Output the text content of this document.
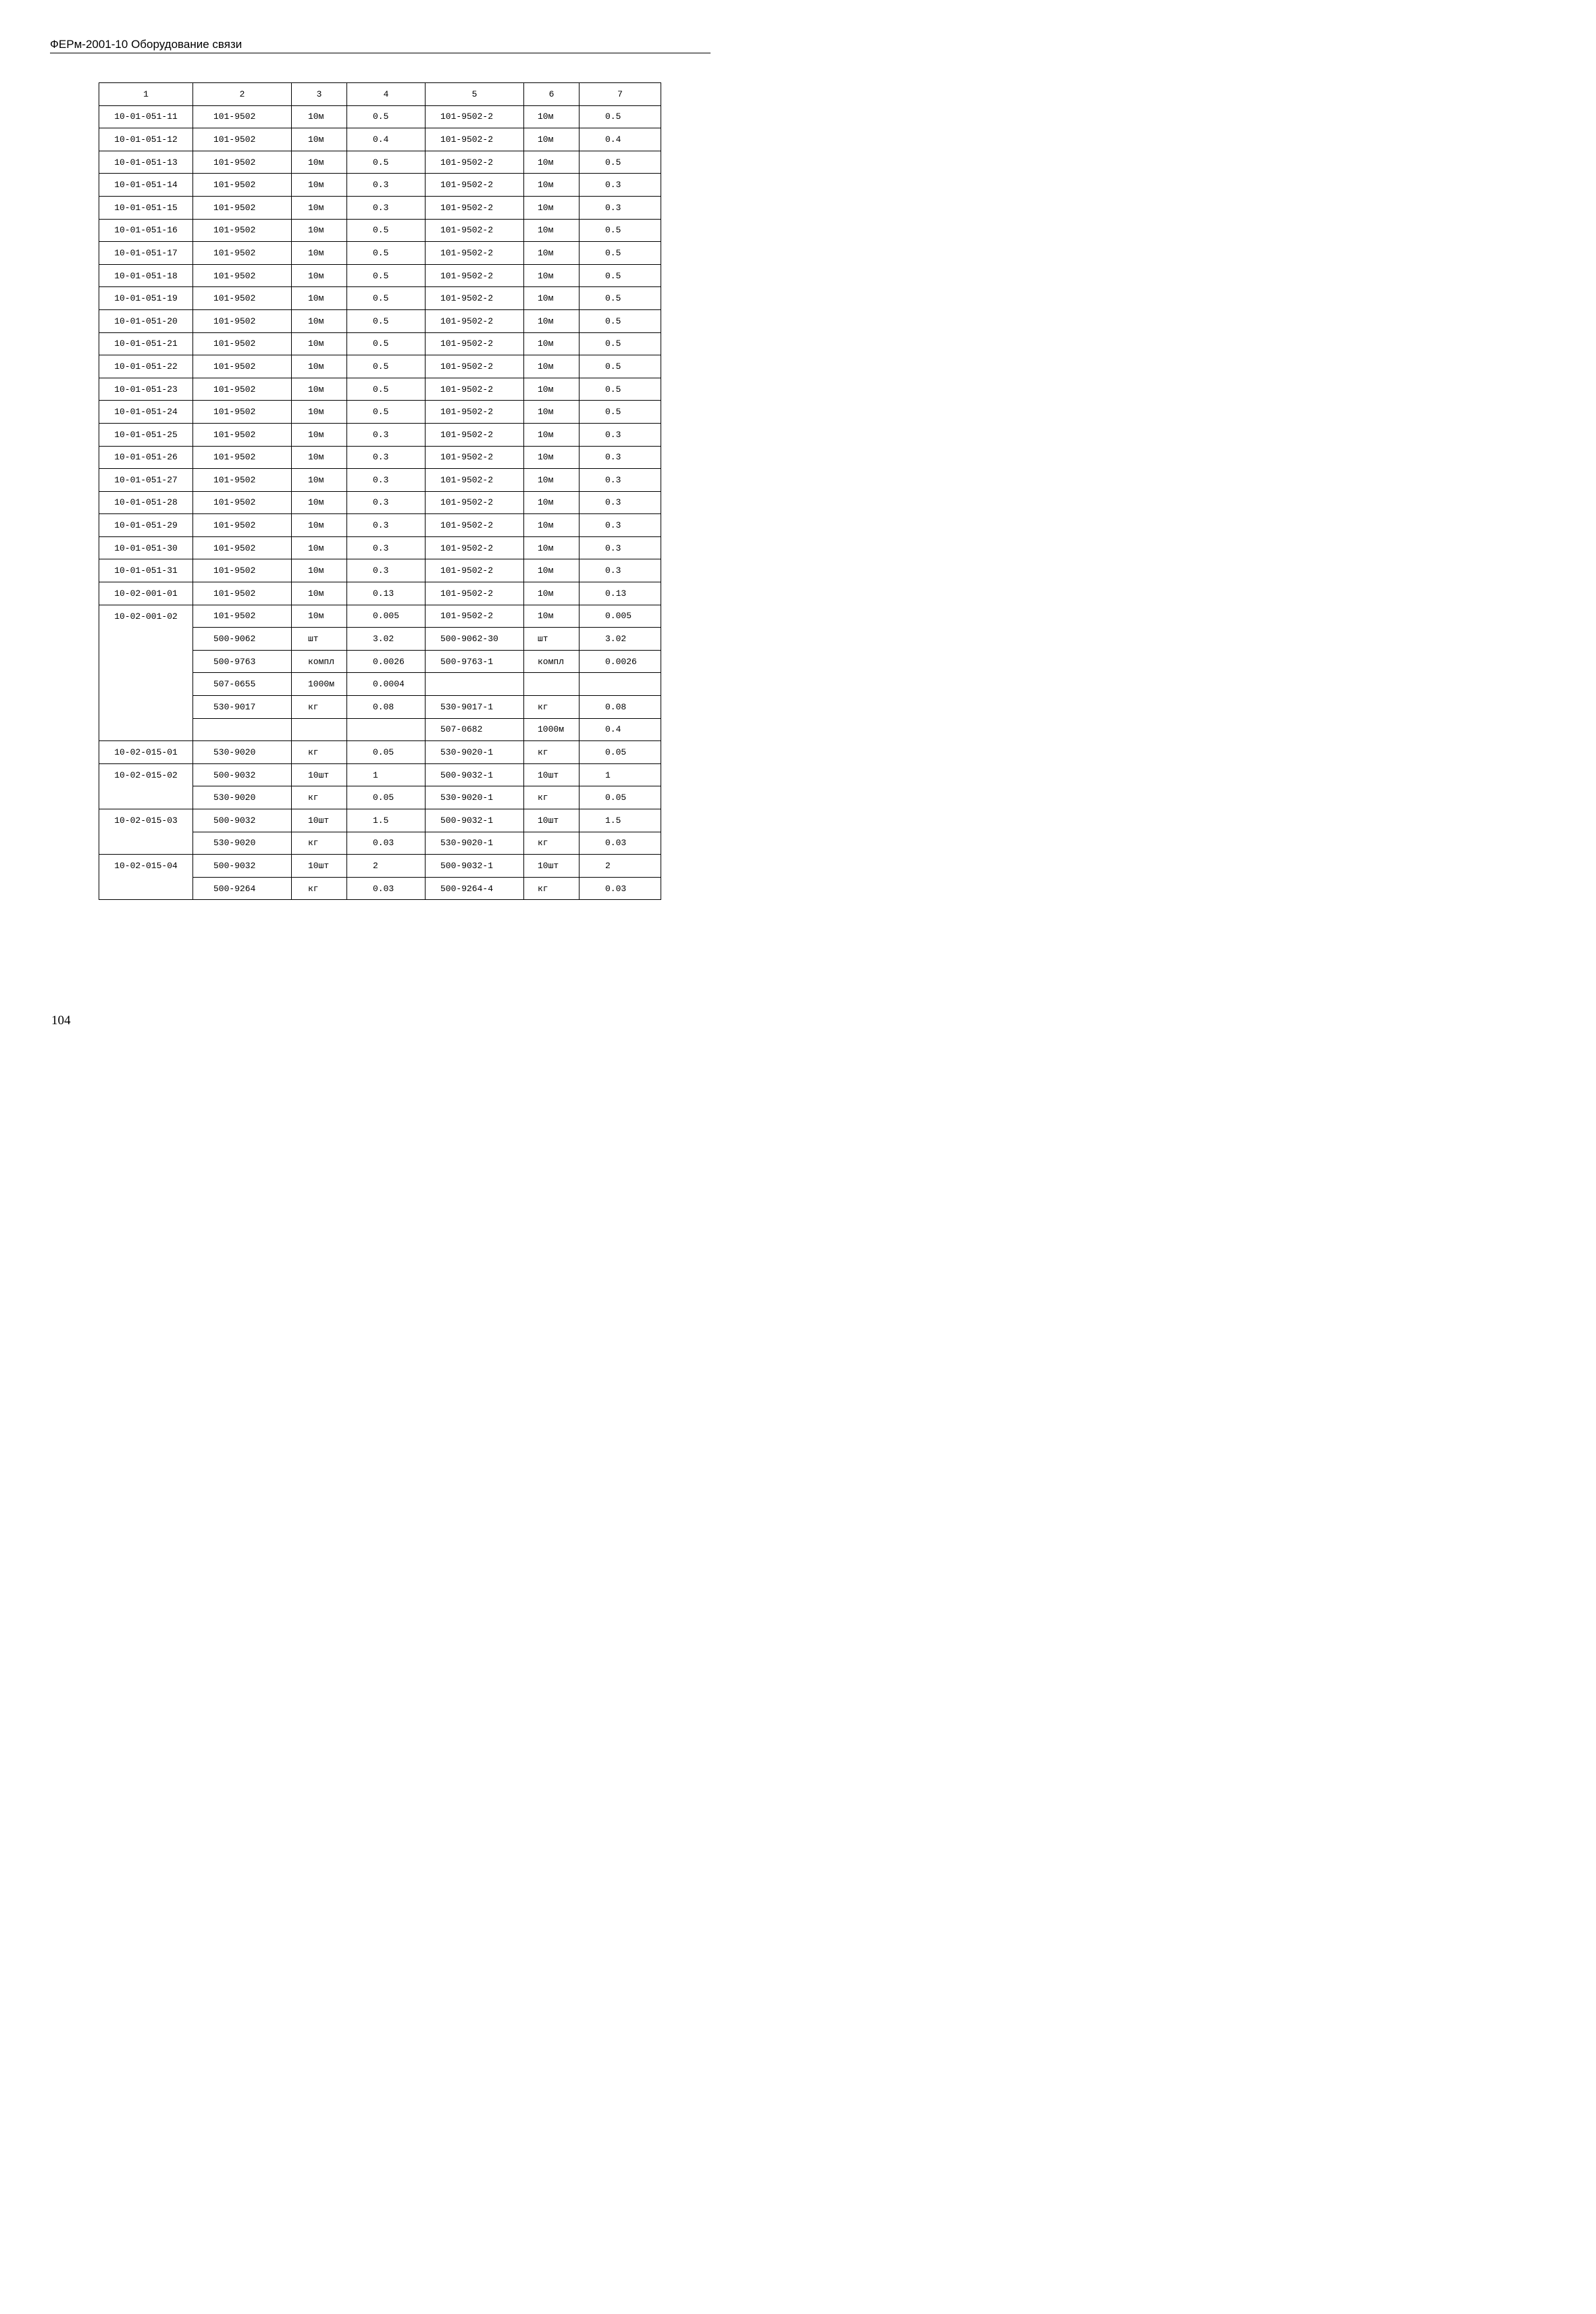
ФЕРм-2001-10 Оборудование связи
1	2	3	4	5	6	7
10-01-051-11	101-9502	10м	0.5	101-9502-2	10м	0.5
10-01-051-12	101-9502	10м	0.4	101-9502-2	10м	0.4
10-01-051-13	101-9502	10м	0.5	101-9502-2	10м	0.5
10-01-051-14	101-9502	10м	0.3	101-9502-2	10м	0.3
10-01-051-15	101-9502	10м	0.3	101-9502-2	10м	0.3
10-01-051-16	101-9502	10м	0.5	101-9502-2	10м	0.5
10-01-051-17	101-9502	10м	0.5	101-9502-2	10м	0.5
10-01-051-18	101-9502	10м	0.5	101-9502-2	10м	0.5
10-01-051-19	101-9502	10м	0.5	101-9502-2	10м	0.5
10-01-051-20	101-9502	10м	0.5	101-9502-2	10м	0.5
10-01-051-21	101-9502	10м	0.5	101-9502-2	10м	0.5
10-01-051-22	101-9502	10м	0.5	101-9502-2	10м	0.5
10-01-051-23	101-9502	10м	0.5	101-9502-2	10м	0.5
10-01-051-24	101-9502	10м	0.5	101-9502-2	10м	0.5
10-01-051-25	101-9502	10м	0.3	101-9502-2	10м	0.3
10-01-051-26	101-9502	10м	0.3	101-9502-2	10м	0.3
10-01-051-27	101-9502	10м	0.3	101-9502-2	10м	0.3
10-01-051-28	101-9502	10м	0.3	101-9502-2	10м	0.3
10-01-051-29	101-9502	10м	0.3	101-9502-2	10м	0.3
10-01-051-30	101-9502	10м	0.3	101-9502-2	10м	0.3
10-01-051-31	101-9502	10м	0.3	101-9502-2	10м	0.3
10-02-001-01	101-9502	10м	0.13	101-9502-2	10м	0.13
10-02-001-02	101-9502	10м	0.005	101-9502-2	10м	0.005
	500-9062	шт	3.02	500-9062-30	шт	3.02
	500-9763	компл	0.0026	500-9763-1	компл	0.0026
	507-0655	1000м	0.0004			
	530-9017	кг	0.08	530-9017-1	кг	0.08
				507-0682	1000м	0.4
10-02-015-01	530-9020	кг	0.05	530-9020-1	кг	0.05
10-02-015-02	500-9032	10шт	1	500-9032-1	10шт	1
	530-9020	кг	0.05	530-9020-1	кг	0.05
10-02-015-03	500-9032	10шт	1.5	500-9032-1	10шт	1.5
	530-9020	кг	0.03	530-9020-1	кг	0.03
10-02-015-04	500-9032	10шт	2	500-9032-1	10шт	2
	500-9264	кг	0.03	500-9264-4	кг	0.03
104
